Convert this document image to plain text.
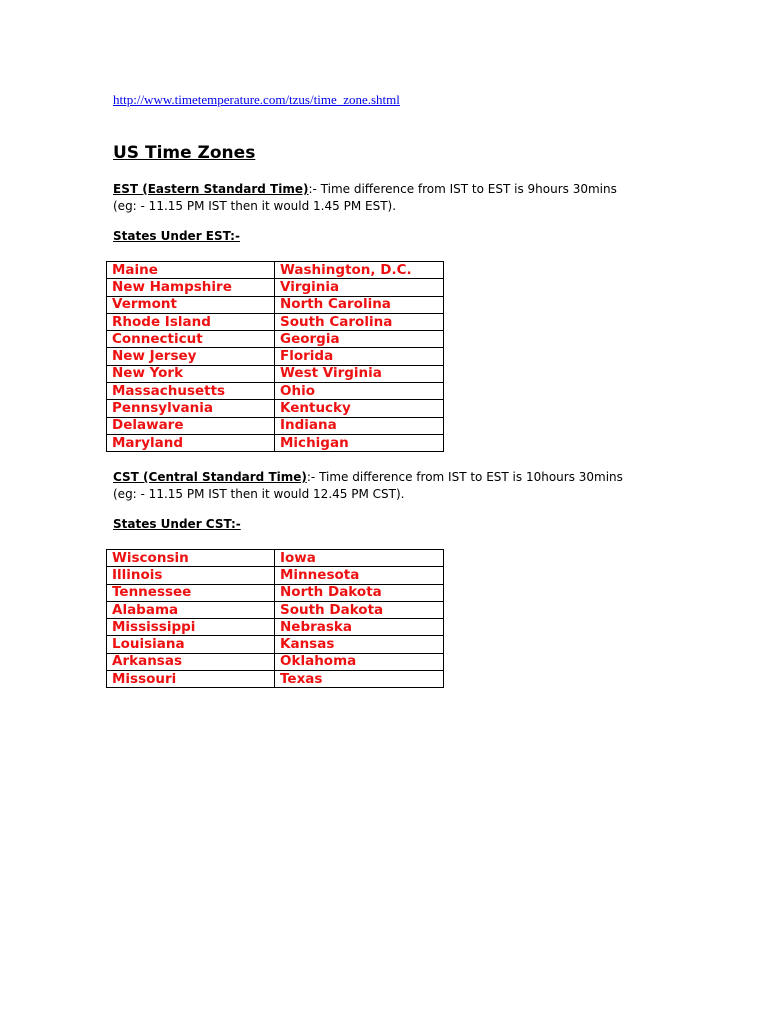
http://www.timetemperature.com/tzus/time_zone.shtml
US Time Zones

EST (Eastern Standard Time):- Time difference from IST to EST is 9hours 30mins (eg: - 11.15 PM IST then it would 1.45 PM EST).

States Under EST:-

Maine	Washington, D.C.
New Hampshire	Virginia
Vermont	North Carolina
Rhode Island	South Carolina
Connecticut	Georgia
New Jersey	Florida
New York	West Virginia
Massachusetts	Ohio
Pennsylvania	Kentucky
Delaware	Indiana
Maryland	Michigan

CST (Central Standard Time):- Time difference from IST to EST is 10hours 30mins (eg: - 11.15 PM IST then it would 12.45 PM CST).

States Under CST:-

Wisconsin	Iowa
Illinois	Minnesota
Tennessee	North Dakota
Alabama	South Dakota
Mississippi	Nebraska
Louisiana	Kansas
Arkansas	Oklahoma
Missouri	Texas
